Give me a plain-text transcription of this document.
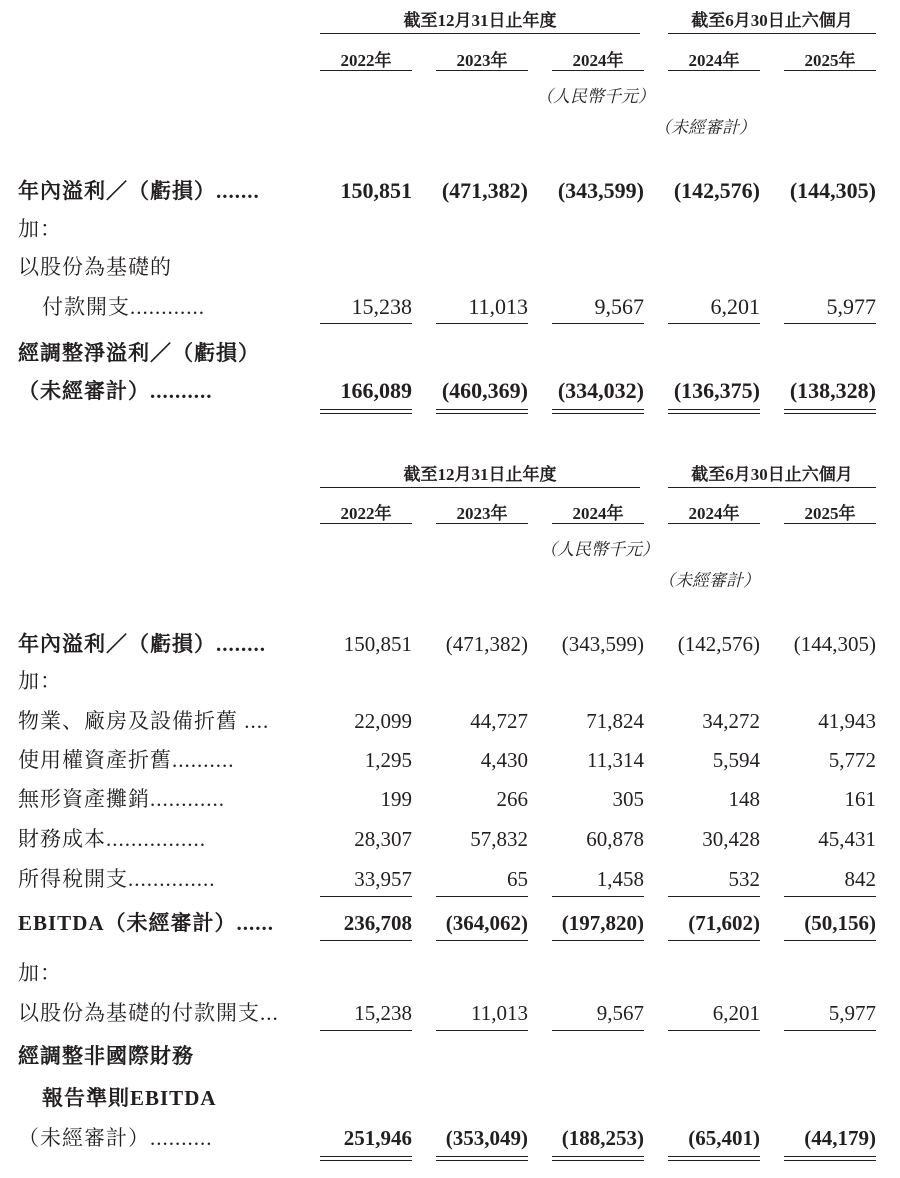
截至12月31日止年度	截至6月30日止六個月
2022年	2023年	2024年	2024年	2025年
（人民幣千元）
（未經審計）
年內溢利／（虧損）.......	150,851 (471,382) (343,599) (142,576) (144,305)
加：
以股份為基礎的
付款開支............	15,238	11,013	9,567	6,201	5,977
經調整淨溢利／（虧損）
（未經審計）..........	166,089 (460,369) (334,032) (136,375) (138,328)
截至12月31日止年度	截至6月30日止六個月
2022年	2023年	2024年	2024年	2025年
（人民幣千元）
（未經審計）
年內溢利／（虧損）........	150,851	(471,382)	(343,599)	(142,576)	(144,305)
加：
物業、廠房及設備折舊 ....	22,099	44,727	71,824	34,272	41,943
使用權資產折舊..........	1,295	4,430	11,314	5,594	5,772
無形資產攤銷............	199	266	305	148	161
財務成本................	28,307	57,832	60,878	30,428	45,431
所得稅開支..............	33,957	65	1,458	532	842
EBITDA（未經審計）......	236,708	(364,062)	(197,820)	(71,602)	(50,156)
加：
以股份為基礎的付款開支...	15,238	11,013	9,567	6,201	5,977
經調整非國際財務
報告準則EBITDA
（未經審計）..........	251,946	(353,049)	(188,253)	(65,401)	(44,179)
